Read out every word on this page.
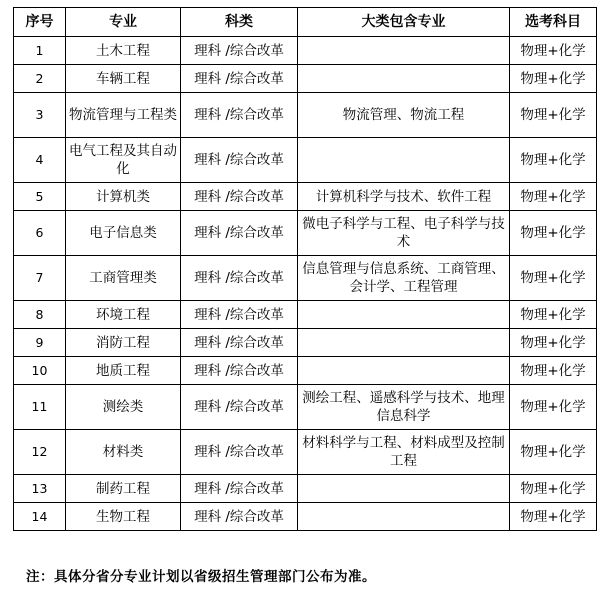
序号	专业	科类	大类包含专业	选考科目
1	土木工程	理科 /综合改革		物理+化学
2	车辆工程	理科 /综合改革		物理+化学
3	物流管理与工程类	理科 /综合改革	物流管理、物流工程	物理+化学
4	电气工程及其自动化	理科 /综合改革		物理+化学
5	计算机类	理科 /综合改革	计算机科学与技术、软件工程	物理+化学
6	电子信息类	理科 /综合改革	微电子科学与工程、电子科学与技术	物理+化学
7	工商管理类	理科 /综合改革	信息管理与信息系统、工商管理、会计学、工程管理	物理+化学
8	环境工程	理科 /综合改革		物理+化学
9	消防工程	理科 /综合改革		物理+化学
10	地质工程	理科 /综合改革		物理+化学
11	测绘类	理科 /综合改革	测绘工程、遥感科学与技术、地理信息科学	物理+化学
12	材料类	理科 /综合改革	材料科学与工程、材料成型及控制工程	物理+化学
13	制药工程	理科 /综合改革		物理+化学
14	生物工程	理科 /综合改革		物理+化学
注：具体分省分专业计划以省级招生管理部门公布为准。
